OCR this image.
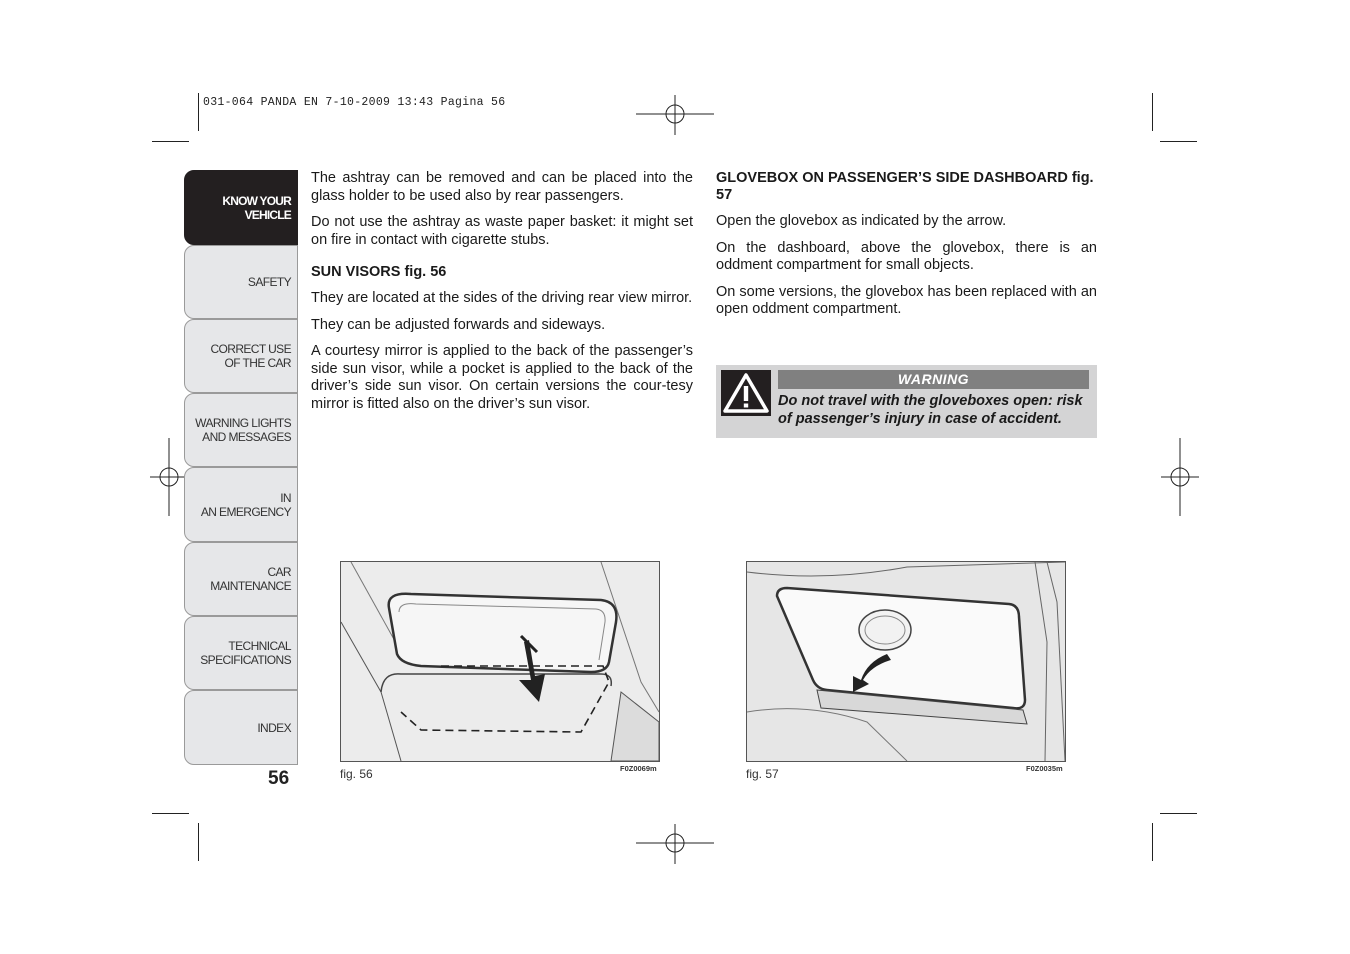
031-064 PANDA EN 7-10-2009 13:43 Pagina 56
KNOW YOUR
VEHICLE
SAFETY
CORRECT USE
OF THE CAR
WARNING LIGHTS
AND MESSAGES
IN
AN EMERGENCY
CAR
MAINTENANCE
TECHNICAL
SPECIFICATIONS
INDEX
56

The ashtray can be removed and can be placed into the glass holder to be used also by rear passengers.

Do not use the ashtray as waste paper basket: it might set on fire in contact with cigarette stubs.

SUN VISORS fig. 56

They are located at the sides of the driving rear view mirror.

They can be adjusted forwards and sideways.

A courtesy mirror is applied to the back of the passenger’s side sun visor, while a pocket is applied to the back of the driver’s side sun visor. On certain versions the cour-tesy mirror is fitted also on the driver’s sun visor.

GLOVEBOX ON PASSENGER’S SIDE DASHBOARD fig. 57

Open the glovebox as indicated by the arrow.

On the dashboard, above the glovebox, there is an oddment compartment for small objects.

On some versions, the glovebox has been replaced with an open oddment compartment.

WARNING
Do not travel with the gloveboxes open: risk of passenger’s injury in case of accident.
fig. 56	F0Z0069m	fig. 57	F0Z0035m
